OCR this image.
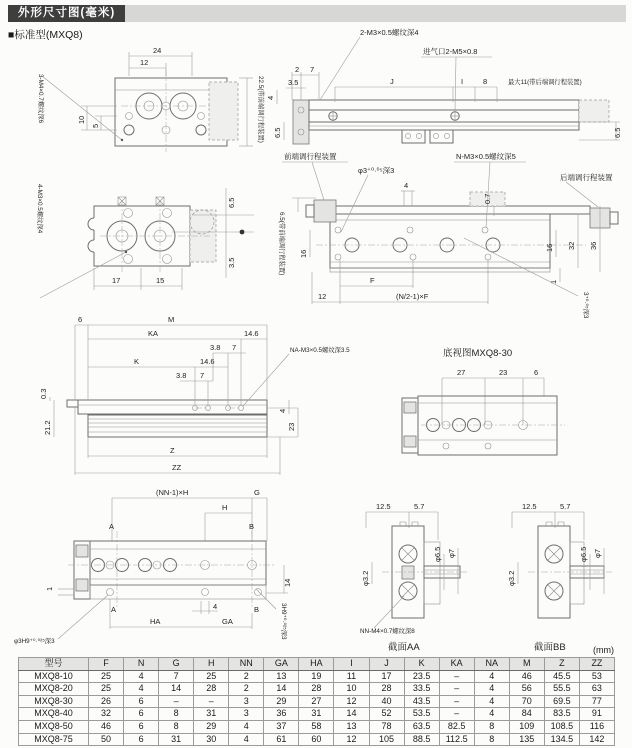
外形尺寸图(毫米)
■标准型(MXQ8)
24
12
10
5
3-M4×0.7螺纹深6	22.5(带前端调行程装置)
2-M3×0.5螺纹深4
进气口2-M5×0.8
最大11(带后端调行程装置)
2 7
3.5	J	I	8
4
6.5	6.5
前端调行程装置
φ3⁺⁰·⁰⁵深3
N-M3×0.5螺纹深5
后端调行程装置
4
0.7
6.5(带前端调行程装置) 16
16 32 36
1
F
12	(N/2-1)×F	3⁺⁰·⁰⁵深3
4-M3×0.5螺纹深4
17	15
6.5
3.5
6	M
KA	14.6
3.8 7
K	14.6
3.8 7
NA-M3×0.5螺纹深3.5
0.3
21.2
4
23
Z
ZZ
底视图MXQ8-30
27	23	6
(NN-1)×H	G
H
A	B
14
A	B
4
HA	GA
1
φ3H9⁺⁰·⁰²⁵深3
3H9⁺⁰·⁰²⁵深3
12.5	5.7
φ3.2
φ6.5 φ7
NN-M4×0.7螺纹深8
截面AA
12.5	5.7
φ3.2
φ6.5 φ7
截面BB	(mm)
型号	F	N	G	H	NN	GA	HA	I	J	K	KA	NA	M	Z	ZZ
MXQ8-10	25	4	7	25	2	13	19	11	17	23.5	–	4	46	45.5	53
MXQ8-20	25	4	14	28	2	14	28	10	28	33.5	–	4	56	55.5	63
MXQ8-30	26	6	–	–	3	29	27	12	40	43.5	–	4	70	69.5	77
MXQ8-40	32	6	8	31	3	36	31	14	52	53.5	–	4	84	83.5	91
MXQ8-50	46	6	8	29	4	37	58	13	78	63.5	82.5	8	109	108.5	116
MXQ8-75	50	6	31	30	4	61	60	12	105	88.5	112.5	8	135	134.5	142
